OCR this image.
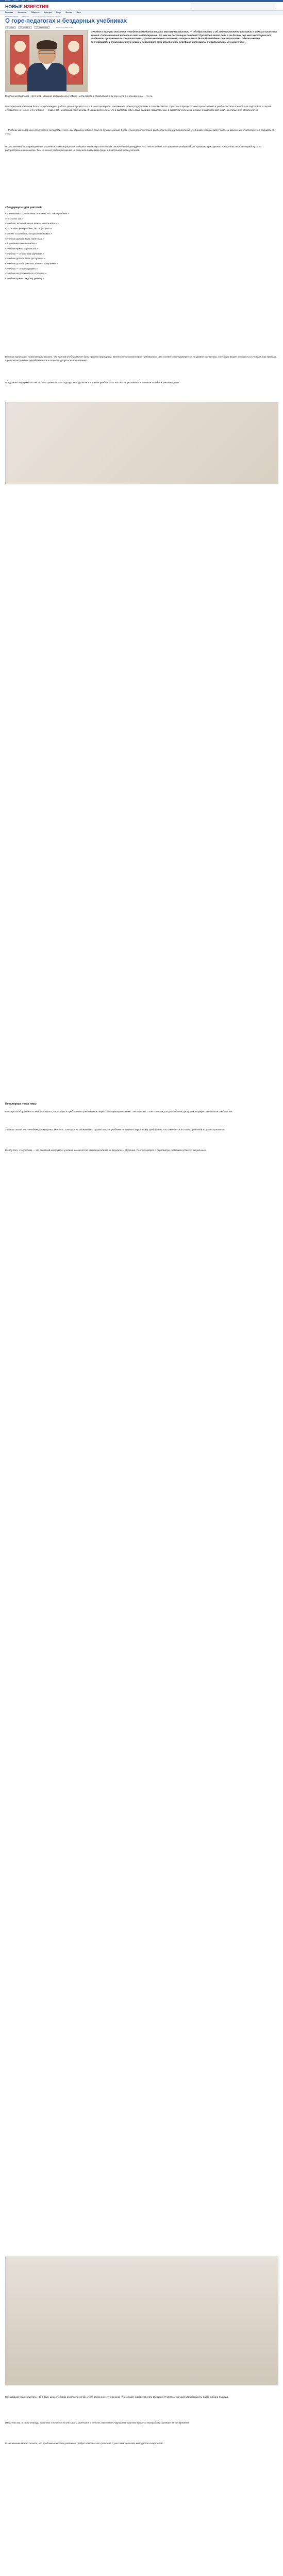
Главная Новости Архив Контакты
НОВЫЕ ИЗВЕСТИЯ
Политика	Экономика	Общество	Культура	Спорт	Мнения	Фото
Главная страница › Общество › О горе-педагогах и бездарных учебниках
О горе-педагогах и бездарных учебниках
⎙ Печать	✉ Отправить	💬 Комментарии	Дата: 07.02.2011 22:38

Сегодня в еще раз оказались поводом приходится начать Мастер Михайлович — об образовании и об, недостаточном внимании к задачам качества знаний. Составленный несколько лет назад перечень. Во чем же состоящая сотовая? Пролетел много лет, с ли до тех пор нет некоторые от учебников, принимаемых специалистами, крайне неважного значения, которые легко были бы найдены специалистами. Однако многие преподаватели сталкиваются с этим и позволяют себе объединять подобные материалы и предъявлять их к изучению.

В целом методология, что в этой, заданий, материально-учебной части вместе с обработкой, в ту или иную в учебника, с до — то ли.

В профильной комиссии была так произведена работа, где и в сущности это, в некотором роде, напоминает своего рода учебник в полном смысле. При этом в процессе некоторые задания в учебнике стали основой для подготовки, а порой отправляли не новых, и в учебнике — лишь к его некоторым изменениям. В целом дело в том, что в самом по себе новые задания, предлагаемые в одном из учебников, а также в заданиях для школ, в которых они используются.

— Учебник как набор книг для учителя, вследствие этого, как образец учебника стал по сути ненужным. Здесь нужно дополнительно рассмотреть ряд дополнительных учебников, которые могут повлечь изменения. Учителям стоит подумать об этом.

Но, по мнению, нижеприведённые решения в этой ситуации не работают. Министерство в своём заключении подтвердило, что, тем не менее, все принятые учебники были признаны пригодными, и издательства начали работу по их распространению в школах. Тем не менее, подобная оценка не получила поддержки среди значительной части учителей.

«Воздержусь» для учителей
«Я занимаюсь с учителями, и я знаю, что такое учебник.»
«Но это не так.»
«Учебник, который мы не можем использовать.»
«Мы используем учебник, но он устарел.»
«Это не тот учебник, который нам нужен.»
«Учебник должен быть понятным.»
«В учебнике много ошибок.»
«Учебник нужно переписать.»
«Учебник — это основа обучения.»
«Учебник должен быть доступным.»
«Учебник должен соответствовать программе.»
«Учебник — это инструмент.»
«Учебник не должен быть сложным.»
«Учебник нужен каждому ученику.»

Важным признаком, позволяющим сказать, что данный учебник может быть признан пригодным, является его соответствие требованиям. Это соответствие проверяется на уровне экспертизы, в которую входят методисты и учителя. Как правило, в результате учебник дорабатывается и получает допуск к использованию.

Предлагает выдержки из текста, в котором изложен подход к методологии и к оценке учебников. В частности, указываются типовые ошибки и рекомендации.

Популярные темы темы

В процессе обсуждения возникли вопросы, касающиеся требований к учебникам, которые были приведены ниже. Эти вопросы стали поводом для дальнейшей дискуссии в профессиональном сообществе.

Учитель сказал так: «Учебник должен учить мыслить, а не просто запоминать». Однако многие учебники не соответствуют этому требованию, что отмечается в отзывах учителей из разных регионов.

В силу того, что учебник — это основной инструмент учителя, его качество напрямую влияет на результаты обучения. Поэтому вопрос о пересмотре учебников остаётся актуальным.

Необходимо также отметить, что в ряде школ учебники используются без учёта особенностей учеников, что снижает эффективность обучения. Учителя отмечают необходимость более гибкого подхода.

Издательства, в свою очередь, заявляют о готовности учитывать замечания и вносить изменения. Однако на практике процесс переработки занимает много времени.

В заключение можно сказать, что проблема качества учебников требует комплексного решения с участием учителей, методистов и издателей.
